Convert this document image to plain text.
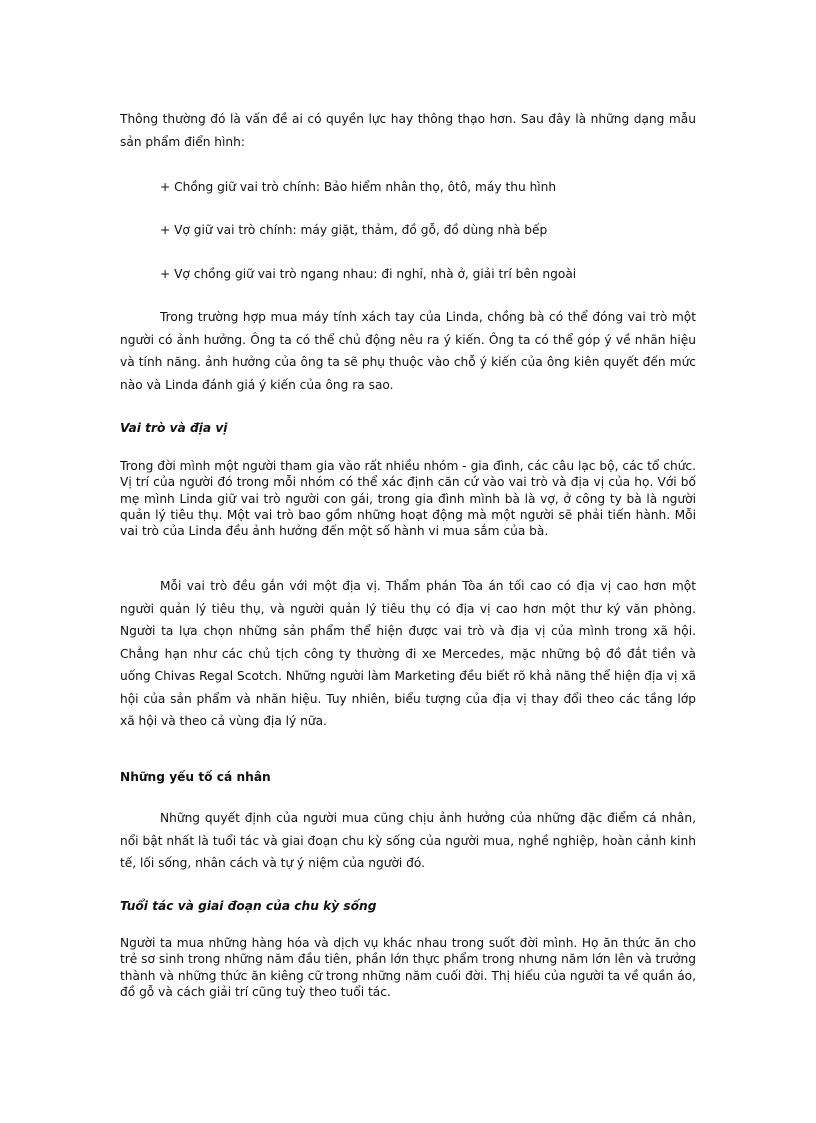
Thông thường đó là vấn đề ai có quyền lực hay thông thạo hơn. Sau đây là những dạng mẫu sản phẩm điển hình:

+ Chồng giữ vai trò chính: Bảo hiểm nhân thọ, ôtô, máy thu hình

+ Vợ giữ vai trò chính: máy giặt, thảm, đồ gỗ, đồ dùng nhà bếp

+ Vợ chồng giữ vai trò ngang nhau: đi nghỉ, nhà ở, giải trí bên ngoài

Trong trường hợp mua máy tính xách tay của Linda, chồng bà có thể đóng vai trò một người có ảnh hưởng. Ông ta có thể chủ động nêu ra ý kiến. Ông ta có thể góp ý về nhãn hiệu và tính năng. ảnh hưởng của ông ta sẽ phụ thuộc vào chỗ ý kiến của ông kiên quyết đến mức nào và Linda đánh giá ý kiến của ông ra sao.

Vai trò và địa vị

Trong đời mình một người tham gia vào rất nhiều nhóm - gia đình, các câu lạc bộ, các tổ chức. Vị trí của người đó trong mỗi nhóm có thể xác định căn cứ vào vai trò và địa vị của họ. Với bố mẹ mình Linda giữ vai trò người con gái, trong gia đình mình bà là vợ, ở công ty bà là người quản lý tiêu thụ. Một vai trò bao gồm những hoạt động mà một người sẽ phải tiến hành. Mỗi vai trò của Linda đều ảnh hưởng đến một số hành vi mua sắm của bà.

Mỗi vai trò đều gắn với một địa vị. Thẩm phán Tòa án tối cao có địa vị cao hơn một người quản lý tiêu thụ, và người quản lý tiêu thụ có địa vị cao hơn một thư ký văn phòng. Người ta lựa chọn những sản phẩm thể hiện được vai trò và địa vị của mình trong xã hội. Chẳng hạn như các chủ tịch công ty thường đi xe Mercedes, mặc những bộ đồ đắt tiền và uống Chivas Regal Scotch. Những người làm Marketing đều biết rõ khả năng thể hiện địa vị xã hội của sản phẩm và nhãn hiệu. Tuy nhiên, biểu tượng của địa vị thay đổi theo các tầng lớp xã hội và theo cả vùng địa lý nữa.

Những yếu tố cá nhân

Những quyết định của người mua cũng chịu ảnh hưởng của những đặc điểm cá nhân, nổi bật nhất là tuổi tác và giai đoạn chu kỳ sống của người mua, nghề nghiệp, hoàn cảnh kinh tế, lối sống, nhân cách và tự ý niệm của người đó.

Tuổi tác và giai đoạn của chu kỳ sống

Người ta mua những hàng hóa và dịch vụ khác nhau trong suốt đời mình. Họ ăn thức ăn cho trẻ sơ sinh trong những năm đầu tiên, phần lớn thực phẩm trong nhưng năm lớn lên và trưởng thành và những thức ăn kiêng cữ trong những năm cuối đời. Thị hiếu của người ta về quần áo, đồ gỗ và cách giải trí cũng tuỳ theo tuổi tác.
